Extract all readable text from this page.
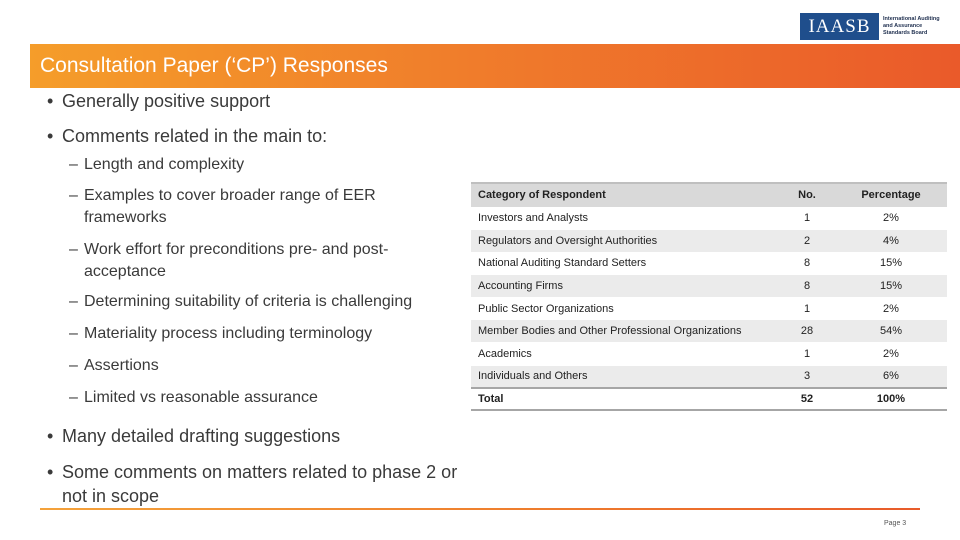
IAASB	International Auditing and Assurance Standards Board
Consultation Paper (‘CP’) Responses
• Generally positive support
• Comments related in the main to:
– Length and complexity
– Examples to cover broader range of EER frameworks
– Work effort for preconditions pre- and post-acceptance
– Determining suitability of criteria is challenging
– Materiality process including terminology
– Assertions
– Limited vs reasonable assurance
• Many detailed drafting suggestions
• Some comments on matters related to phase 2 or not in scope
Category of Respondent	No.	Percentage
Investors and Analysts	1	2%
Regulators and Oversight Authorities	2	4%
National Auditing Standard Setters	8	15%
Accounting Firms	8	15%
Public Sector Organizations	1	2%
Member Bodies and Other Professional Organizations	28	54%
Academics	1	2%
Individuals and Others	3	6%
Total	52	100%
Page 3
